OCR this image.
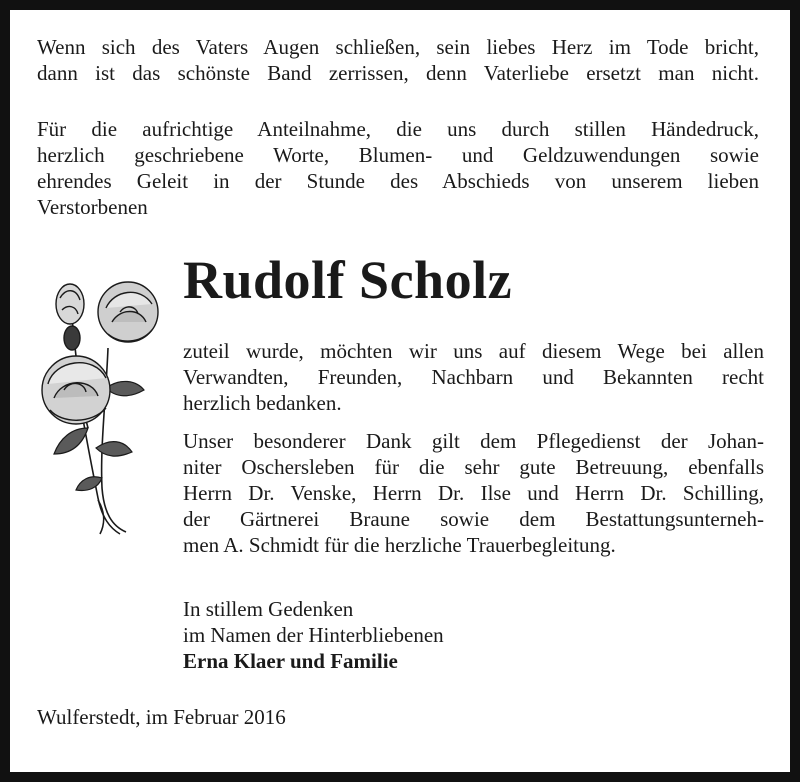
Wenn sich des Vaters Augen schließen, sein liebes Herz im Tode bricht,
dann ist das schönste Band zerrissen, denn Vaterliebe ersetzt man nicht.
Für die aufrichtige Anteilnahme, die uns durch stillen Händedruck,
herzlich geschriebene Worte, Blumen- und Geldzuwendungen sowie
ehrendes Geleit in der Stunde des Abschieds von unserem lieben
Verstorbenen
Rudolf Scholz
zuteil wurde, möchten wir uns auf diesem Wege bei allen
Verwandten, Freunden, Nachbarn und Bekannten recht
herzlich bedanken.
Unser besonderer Dank gilt dem Pflegedienst der Johan-
niter Oschersleben für die sehr gute Betreuung, ebenfalls
Herrn Dr. Venske, Herrn Dr. Ilse und Herrn Dr. Schilling,
der Gärtnerei Braune sowie dem Bestattungsunterneh-
men A. Schmidt für die herzliche Trauerbegleitung.
In stillem Gedenken
im Namen der Hinterbliebenen
Erna Klaer und Familie
Wulferstedt, im Februar 2016
